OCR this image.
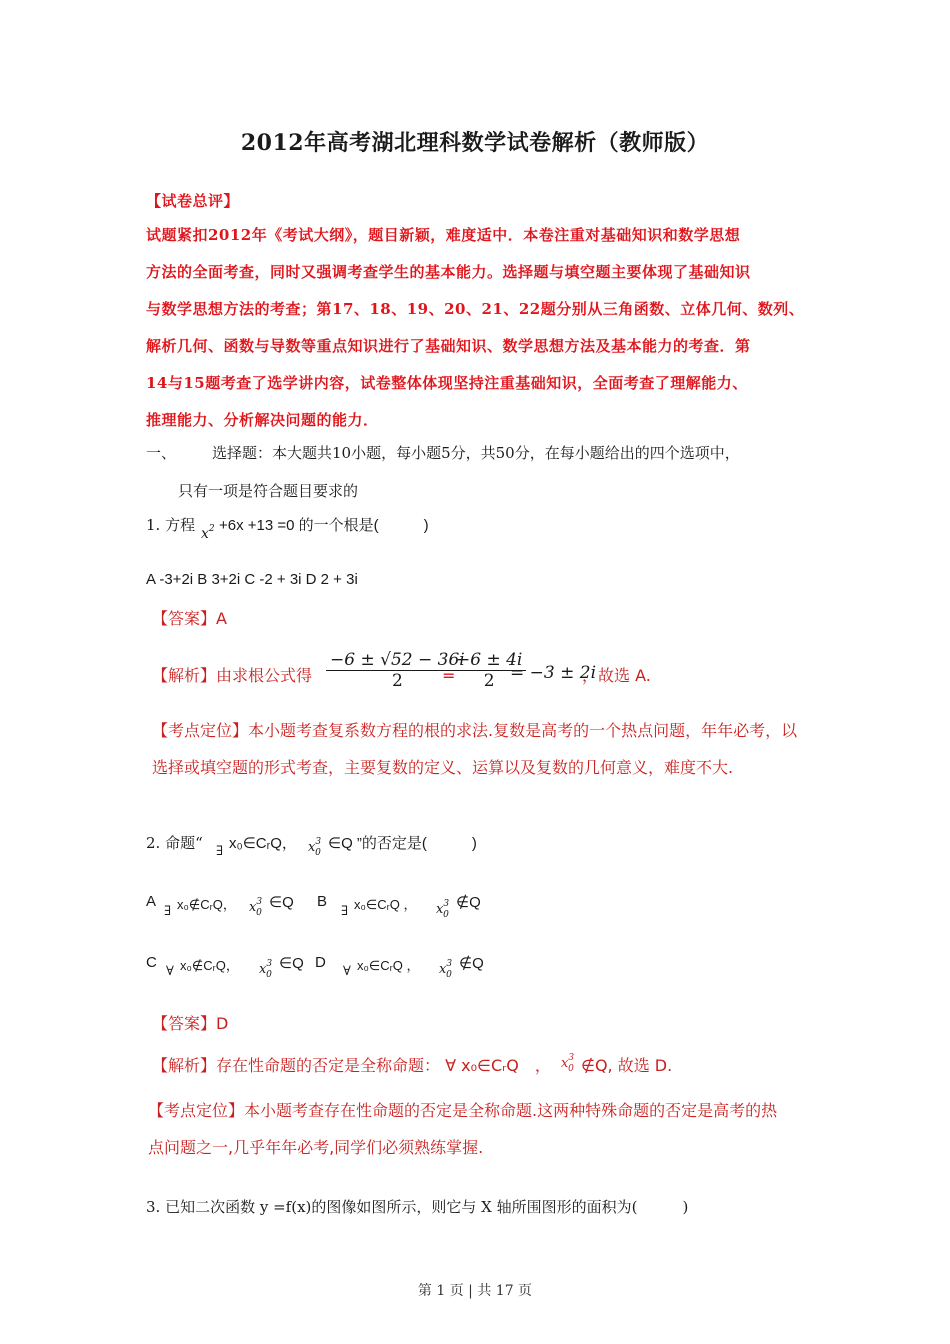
2012年高考湖北理科数学试卷解析（教师版）
【试卷总评】
试题紧扣2012年《考试大纲》，题目新颖，难度适中．本卷注重对基础知识和数学思想
方法的全面考查，同时又强调考查学生的基本能力。选择题与填空题主要体现了基础知识
与数学思想方法的考查；第17、18、19、20、21、22题分别从三角函数、立体几何、数列、
解析几何、函数与导数等重点知识进行了基础知识、数学思想方法及基本能力的考查．第
14与15题考查了选学讲内容，试卷整体体现坚持注重基础知识，全面考查了理解能力、
推理能力、分析解决问题的能力．
一、 选择题：本大题共10小题，每小题5分，共50分，在每小题给出的四个选项中，
只有一项是符合题目要求的
1. 方程 $x^2 +6x +13 =0$ 的一个根是(　　　)
A -3+2i B 3+2i C -2 + 3i D 2 + 3i
【答案】A
【解析】由求根公式得 $\frac{-6 \pm √52 - 36i}{2}$
=
$\frac{-6 \pm 4i}{2}$
= −3 ± 2i
，故选 A.
【考点定位】本小题考查复系数方程的根的求法.复数是高考的一个热点问题，年年必考，以
选择或填空题的形式考查，主要复数的定义、运算以及复数的几何意义，难度不大.
2. 命题“ ∃ x₀∈CᵣQ， $x^3_0$
∈Q ”的否定是(　　　)
A
∃ x₀∉CᵣQ， $x^3_0$
∈Q B
∃ x₀∈CᵣQ ， $x^3_0$
∉Q
C
∀ x₀∉CᵣQ， $x^3_0$
∈Q D
∀ x₀∈CᵣQ ， $x^3_0$
∉Q
【答案】D
【解析】存在性命题的否定是全称命题： ∀ x₀∈CᵣQ　， $x^3_0$ ∉Q, 故选 D.
【考点定位】本小题考查存在性命题的否定是全称命题.这两种特殊命题的否定是高考的热
点问题之一,几乎年年必考,同学们必须熟练掌握.
3. 已知二次函数 y =f(x)的图像如图所示，则它与 X 轴所围图形的面积为(　　　)
第 1 页 | 共 17 页
